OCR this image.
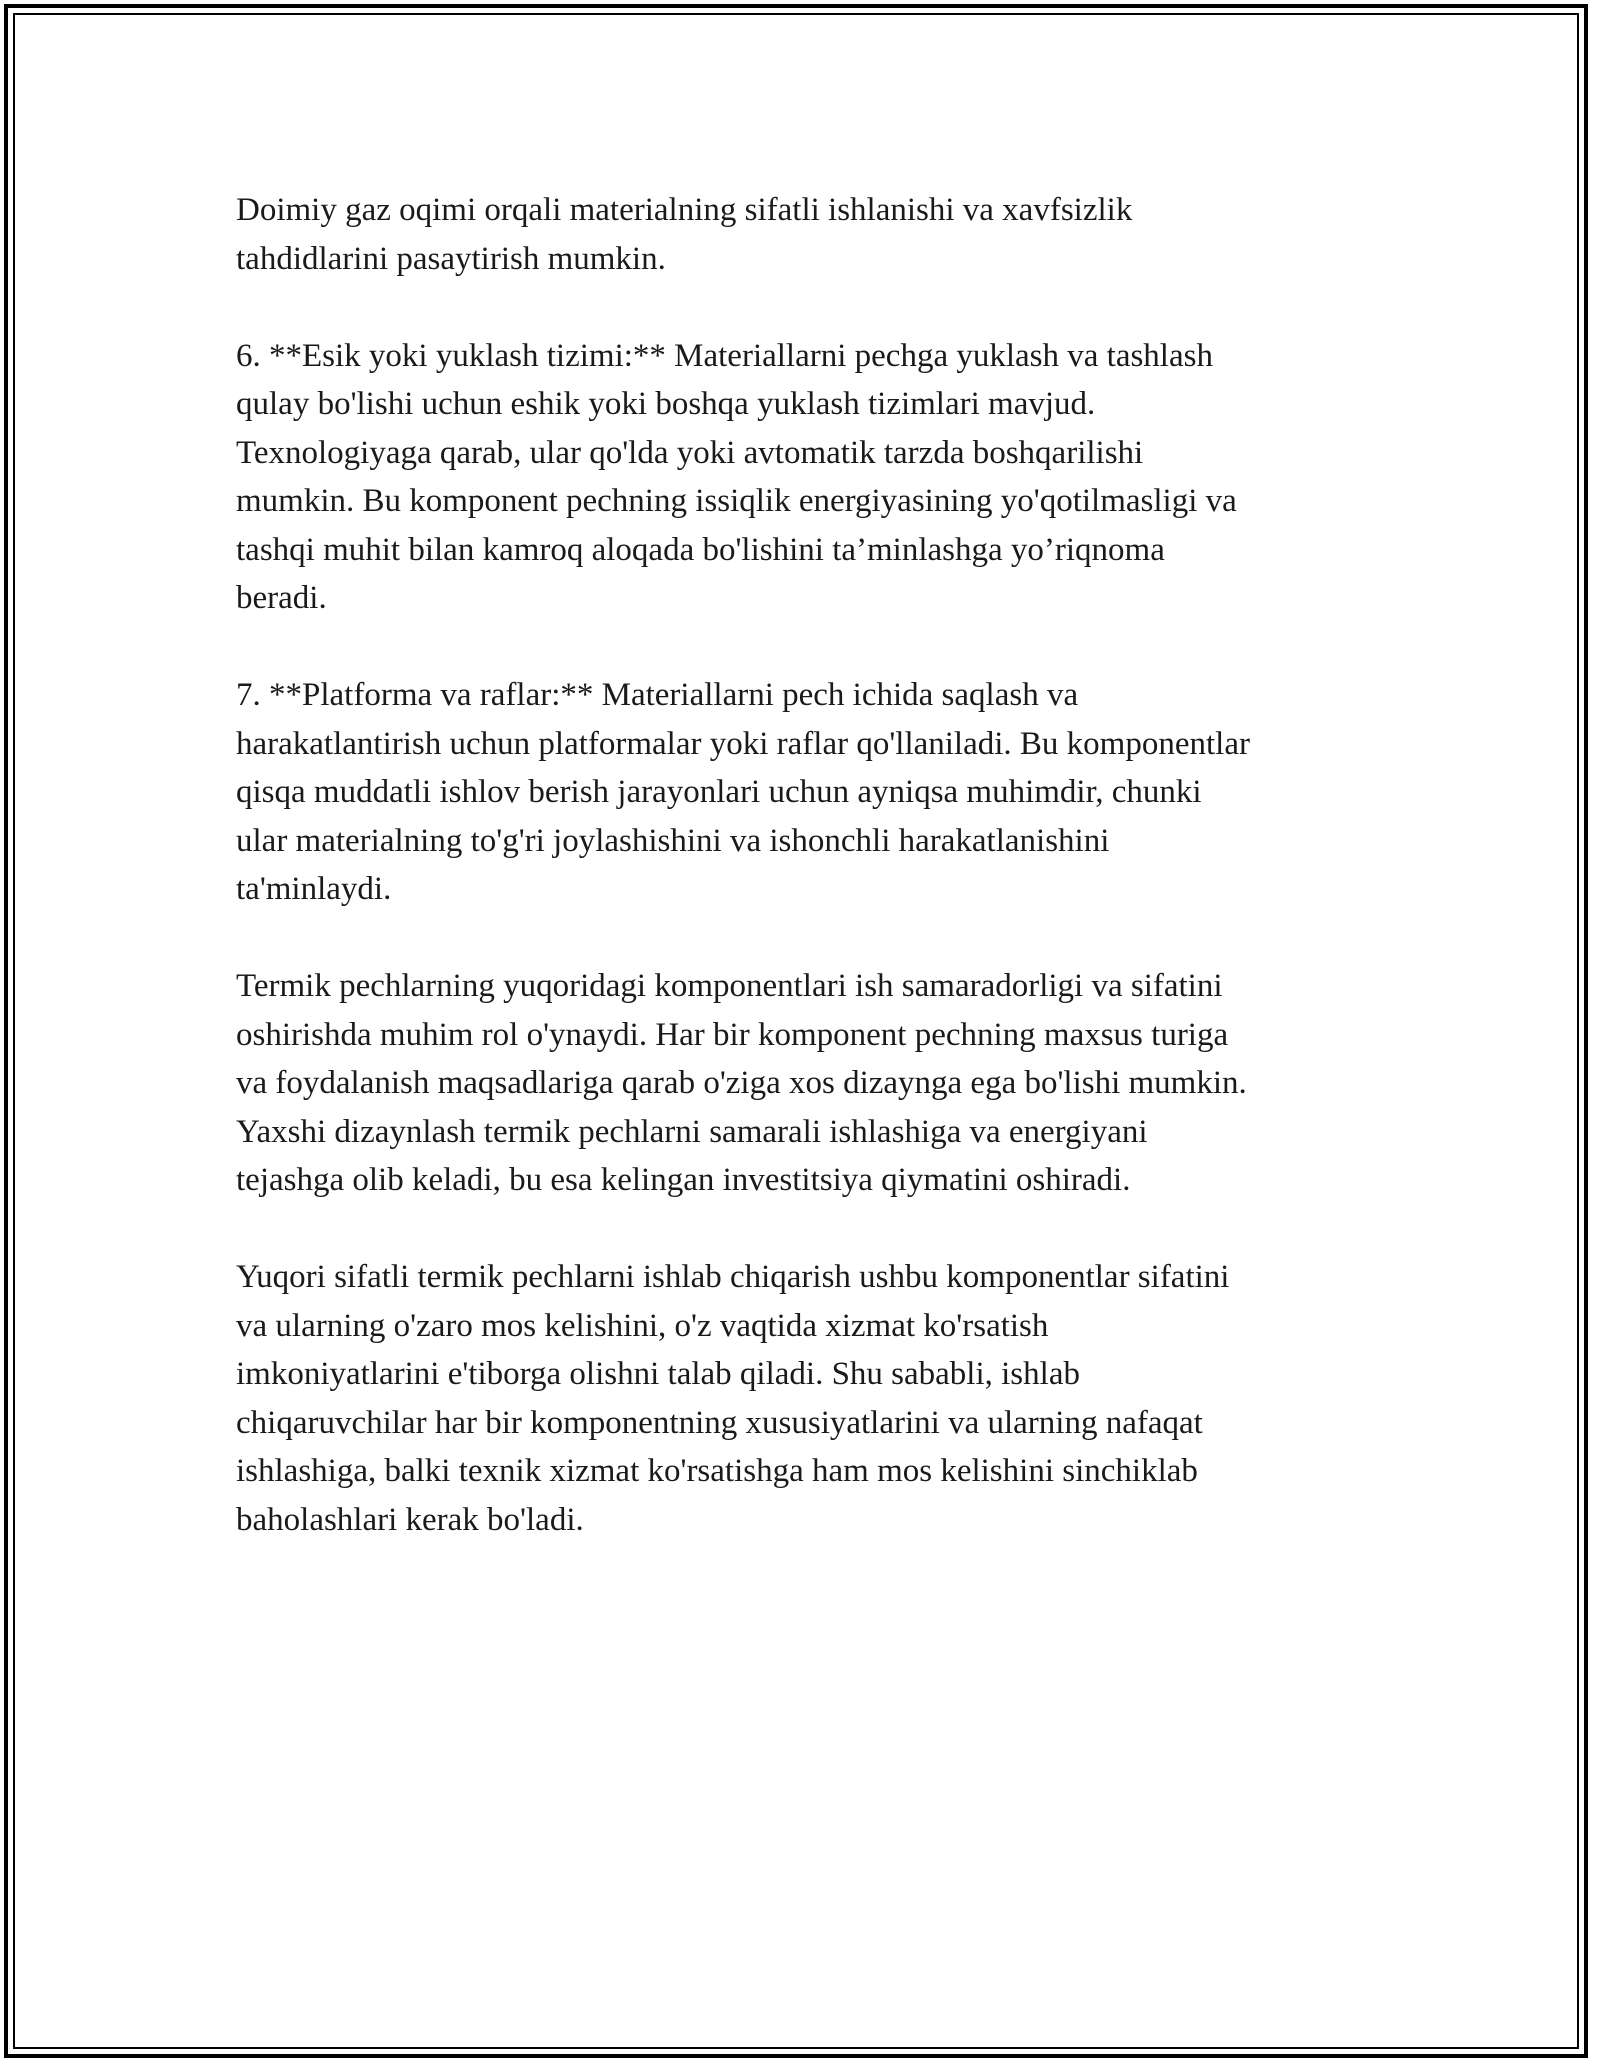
Doimiy gaz oqimi orqali materialning sifatli ishlanishi va xavfsizlik
tahdidlarini pasaytirish mumkin.

6. **Esik yoki yuklash tizimi:** Materiallarni pechga yuklash va tashlash
qulay bo'lishi uchun eshik yoki boshqa yuklash tizimlari mavjud.
Texnologiyaga qarab, ular qo'lda yoki avtomatik tarzda boshqarilishi
mumkin. Bu komponent pechning issiqlik energiyasining yo'qotilmasligi va
tashqi muhit bilan kamroq aloqada bo'lishini ta’minlashga yo’riqnoma
beradi.

7. **Platforma va raflar:** Materiallarni pech ichida saqlash va
harakatlantirish uchun platformalar yoki raflar qo'llaniladi. Bu komponentlar
qisqa muddatli ishlov berish jarayonlari uchun ayniqsa muhimdir, chunki
ular materialning to'g'ri joylashishini va ishonchli harakatlanishini
ta'minlaydi.

Termik pechlarning yuqoridagi komponentlari ish samaradorligi va sifatini
oshirishda muhim rol o'ynaydi. Har bir komponent pechning maxsus turiga
va foydalanish maqsadlariga qarab o'ziga xos dizaynga ega bo'lishi mumkin.
Yaxshi dizaynlash termik pechlarni samarali ishlashiga va energiyani
tejashga olib keladi, bu esa kelingan investitsiya qiymatini oshiradi.

Yuqori sifatli termik pechlarni ishlab chiqarish ushbu komponentlar sifatini
va ularning o'zaro mos kelishini, o'z vaqtida xizmat ko'rsatish
imkoniyatlarini e'tiborga olishni talab qiladi. Shu sababli, ishlab
chiqaruvchilar har bir komponentning xususiyatlarini va ularning nafaqat
ishlashiga, balki texnik xizmat ko'rsatishga ham mos kelishini sinchiklab
baholashlari kerak bo'ladi.
